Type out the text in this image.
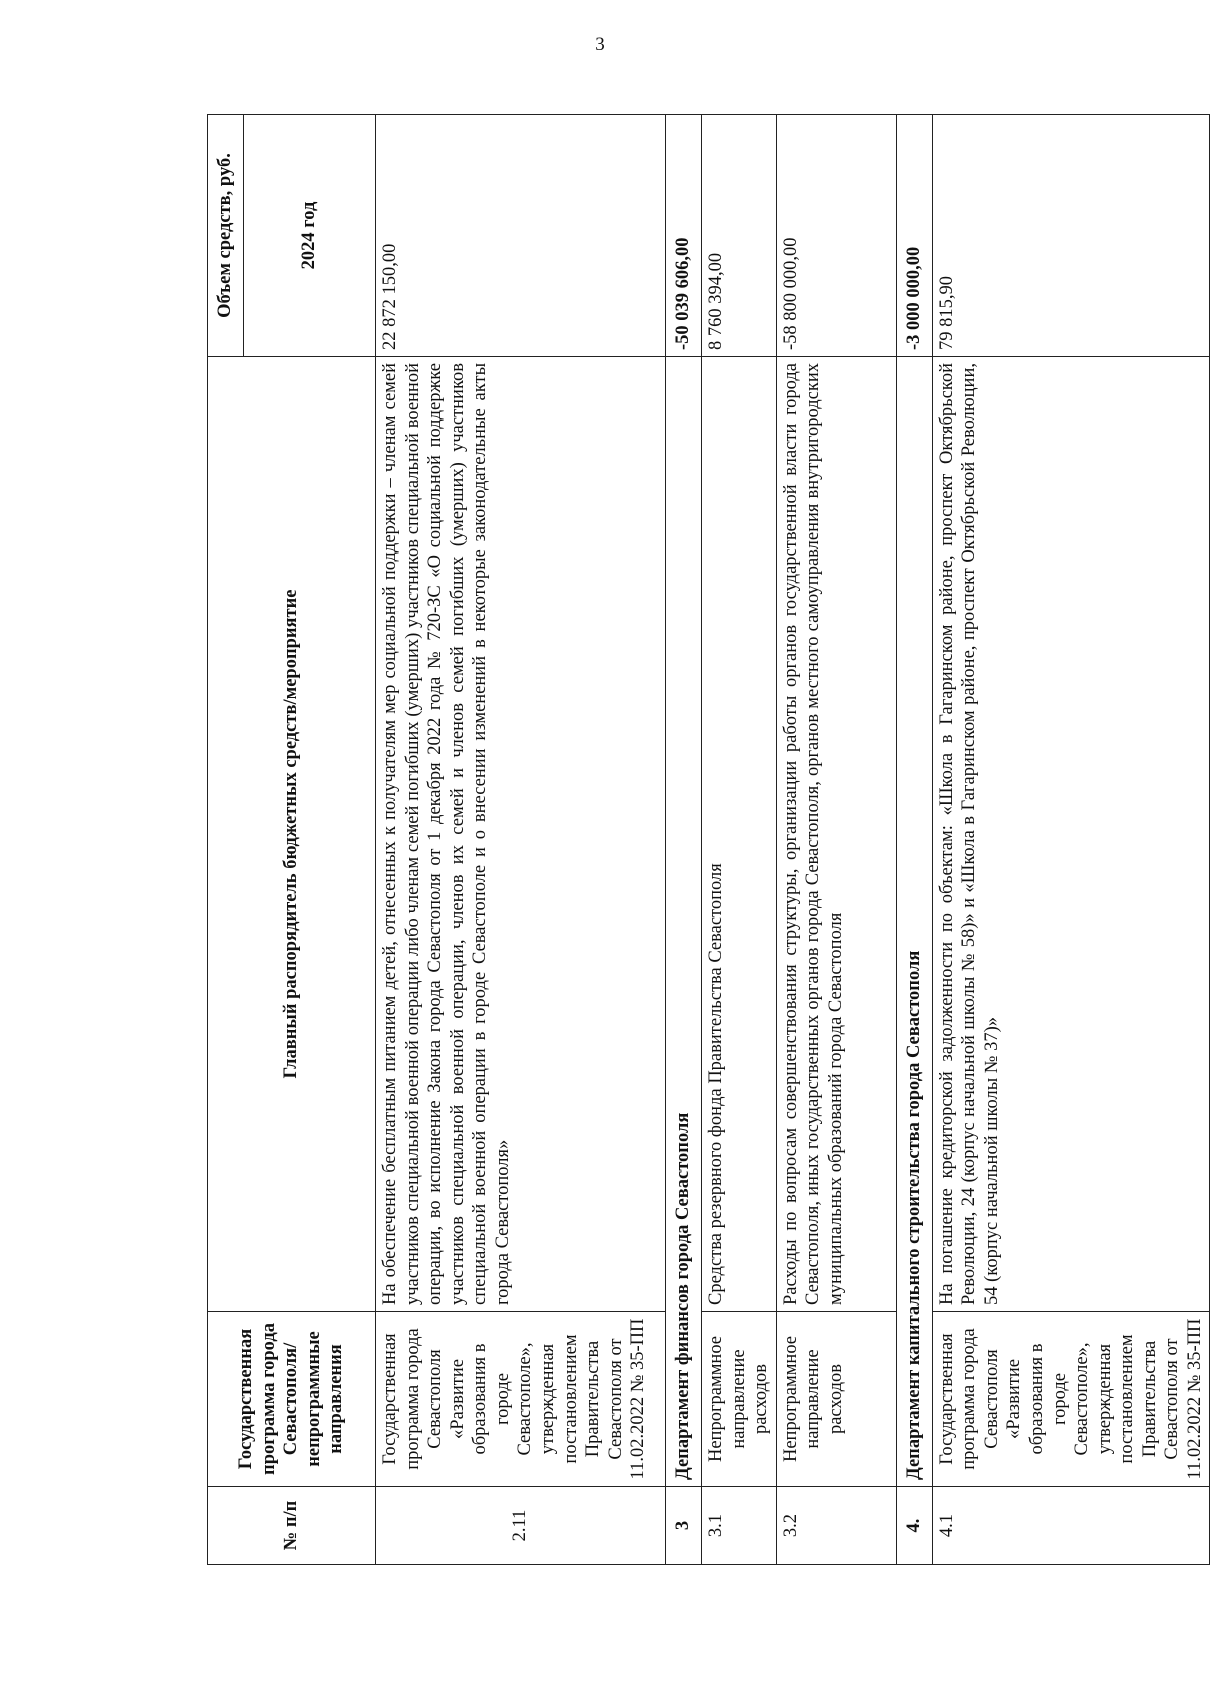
3
№ п/п	Государственная программа города Севастополя/ непрограммные направления	Главный распорядитель бюджетных средств/мероприятие	Объем средств, руб. 2024 год

2.11	Государственная программа города Севастополя «Развитие образования в городе Севастополе», утвержденная постановлением Правительства Севастополя от 11.02.2022 № 35-ПП	На обеспечение бесплатным питанием детей, отнесенных к получателям мер социальной поддержки – членам семей участников специальной военной операции либо членам семей погибших (умерших) участников специальной военной операции, во исполнение Закона города Севастополя от 1 декабря 2022 года № 720-ЗС «О социальной поддержке участников специальной военной операции, членов их семей и членов семей погибших (умерших) участников специальной военной операции в городе Севастополе и о внесении изменений в некоторые законодательные акты города Севастополя»	22 872 150,00
3	Департамент финансов города Севастополя		-50 039 606,00
3.1	Непрограммное направление расходов	Средства резервного фонда Правительства Севастополя	8 760 394,00
3.2	Непрограммное направление расходов	Расходы по вопросам совершенствования структуры, организации работы органов государственной власти города Севастополя, иных государственных органов города Севастополя, органов местного самоуправления внутригородских муниципальных образований города Севастополя	-58 800 000,00
4.	Департамент капитального строительства города Севастополя		-3 000 000,00
4.1	Государственная программа города Севастополя «Развитие образования в городе Севастополе», утвержденная постановлением Правительства Севастополя от 11.02.2022 № 35-ПП	На погашение кредиторской задолженности по объектам: «Школа в Гагаринском районе, проспект Октябрьской Революции, 24 (корпус начальной школы № 58)» и «Школа в Гагаринском районе, проспект Октябрьской Революции, 54 (корпус начальной школы № 37)»	79 815,90
